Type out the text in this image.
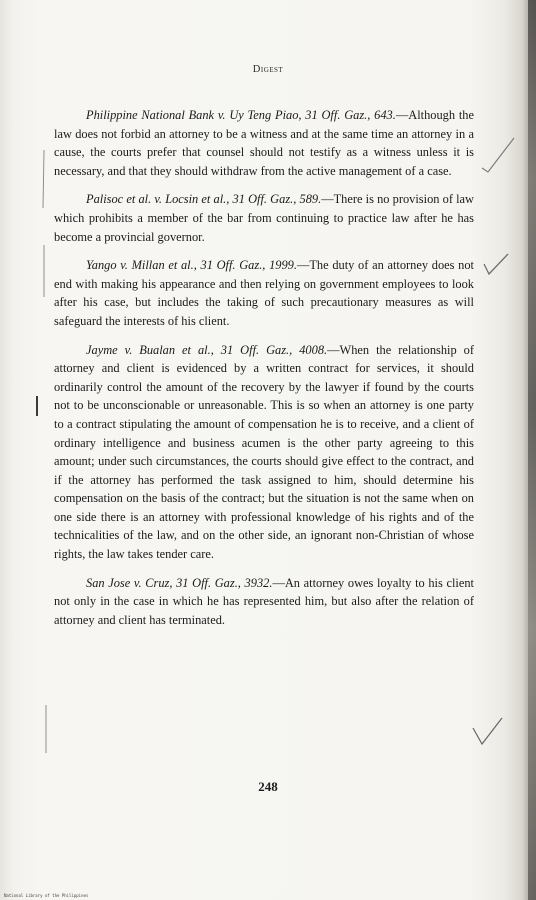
Digest

Philippine National Bank v. Uy Teng Piao, 31 Off. Gaz., 643.—Although the law does not forbid an attorney to be a witness and at the same time an attorney in a cause, the courts prefer that counsel should not testify as a witness unless it is necessary, and that they should withdraw from the active management of a case.

Palisoc et al. v. Locsin et al., 31 Off. Gaz., 589.—There is no provision of law which prohibits a member of the bar from continuing to practice law after he has become a provincial governor.

Yango v. Millan et al., 31 Off. Gaz., 1999.—The duty of an attorney does not end with making his appearance and then relying on government employees to look after his case, but includes the taking of such precautionary measures as will safeguard the interests of his client.

Jayme v. Bualan et al., 31 Off. Gaz., 4008.—When the relationship of attorney and client is evidenced by a written contract for services, it should ordinarily control the amount of the recovery by the lawyer if found by the courts not to be unconscionable or unreasonable. This is so when an attorney is one party to a contract stipulating the amount of compensation he is to receive, and a client of ordinary intelligence and business acumen is the other party agreeing to this amount; under such circumstances, the courts should give effect to the contract, and if the attorney has performed the task assigned to him, should determine his compensation on the basis of the contract; but the situation is not the same when on one side there is an attorney with professional knowledge of his rights and of the technicalities of the law, and on the other side, an ignorant non-Christian of whose rights, the law takes tender care.

San Jose v. Cruz, 31 Off. Gaz., 3932.—An attorney owes loyalty to his client not only in the case in which he has represented him, but also after the relation of attorney and client has terminated.

248
National Library of the Philippines
